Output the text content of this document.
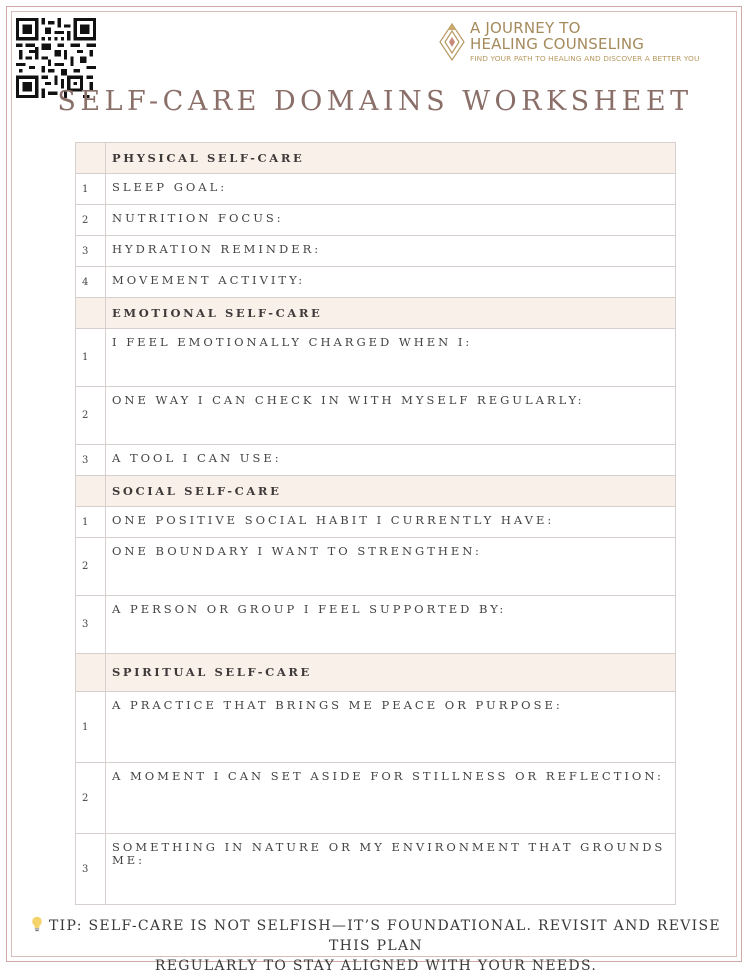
A JOURNEY TO
HEALING COUNSELING
FIND YOUR PATH TO HEALING AND DISCOVER A BETTER YOU
SELF-CARE DOMAINS WORKSHEET
	PHYSICAL SELF-CARE
1	SLEEP GOAL:
2	NUTRITION FOCUS:
3	HYDRATION REMINDER:
4	MOVEMENT ACTIVITY:
	EMOTIONAL SELF-CARE
1	I FEEL EMOTIONALLY CHARGED WHEN I:
2	ONE WAY I CAN CHECK IN WITH MYSELF REGULARLY:
3	A TOOL I CAN USE:
	SOCIAL SELF-CARE
1	ONE POSITIVE SOCIAL HABIT I CURRENTLY HAVE:
2	ONE BOUNDARY I WANT TO STRENGTHEN:
3	A PERSON OR GROUP I FEEL SUPPORTED BY:
	SPIRITUAL SELF-CARE
1	A PRACTICE THAT BRINGS ME PEACE OR PURPOSE:
2	A MOMENT I CAN SET ASIDE FOR STILLNESS OR REFLECTION:
3	SOMETHING IN NATURE OR MY ENVIRONMENT THAT GROUNDS ME:
TIP: SELF-CARE IS NOT SELFISH—IT’S FOUNDATIONAL. REVISIT AND REVISE THIS PLAN
REGULARLY TO STAY ALIGNED WITH YOUR NEEDS.
